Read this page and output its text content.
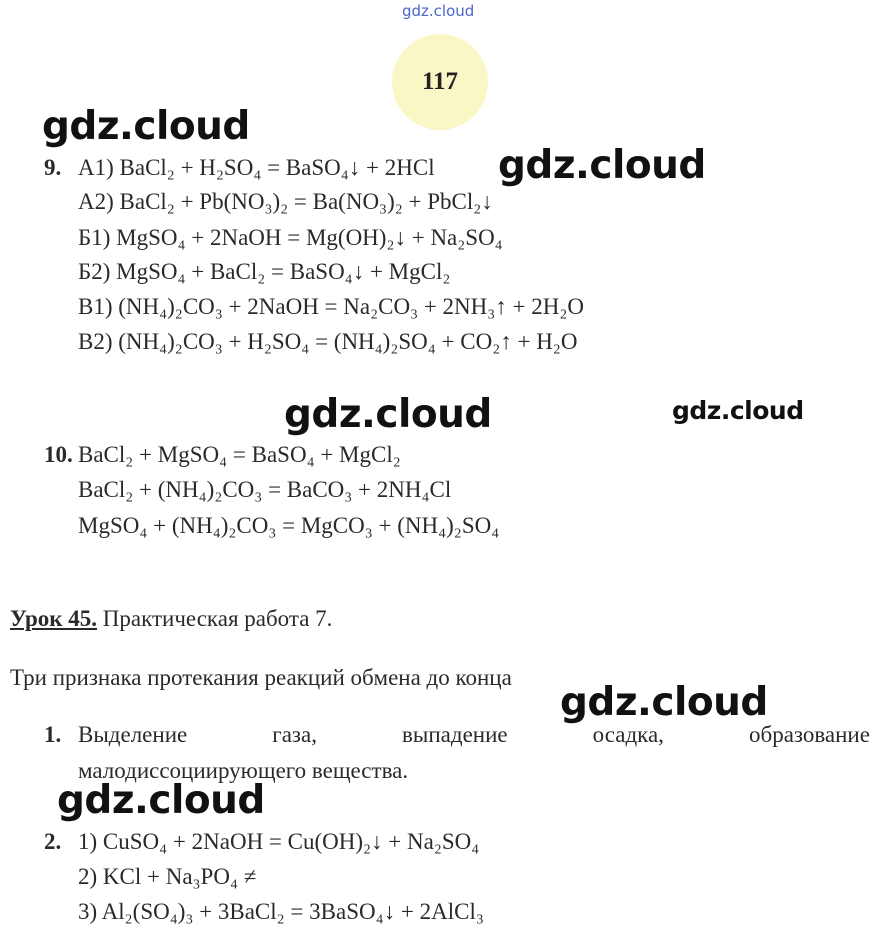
gdz.cloud
117
gdz.cloud
gdz.cloud
gdz.cloud	gdz.cloud
gdz.cloud
gdz.cloud
9. А1) BaCl₂ + H₂SO₄ = BaSO₄↓ + 2HCl
А2) BaCl₂ + Pb(NO₃)₂ = Ba(NO₃)₂ + PbCl₂↓
Б1) MgSO₄ + 2NaOH = Mg(OH)₂↓ + Na₂SO₄
Б2) MgSO₄ + BaCl₂ = BaSO₄↓ + MgCl₂
В1) (NH₄)₂CO₃ + 2NaOH = Na₂CO₃ + 2NH₃↑ + 2H₂O
В2) (NH₄)₂CO₃ + H₂SO₄ = (NH₄)₂SO₄ + CO₂↑ + H₂O
10. BaCl₂ + MgSO₄ = BaSO₄ + MgCl₂
BaCl₂ + (NH₄)₂CO₃ = BaCO₃ + 2NH₄Cl
MgSO₄ + (NH₄)₂CO₃ = MgCO₃ + (NH₄)₂SO₄
Урок 45. Практическая работа 7.
Три признака протекания реакций обмена до конца
1. Выделение	газа,	выпадение	осадка,	образование
малодиссоциирующего вещества.
2. 1) CuSO₄ + 2NaOH = Cu(OH)₂↓ + Na₂SO₄
2) KCl + Na₃PO₄ ≠
3) Al₂(SO₄)₃ + 3BaCl₂ = 3BaSO₄↓ + 2AlCl₃
